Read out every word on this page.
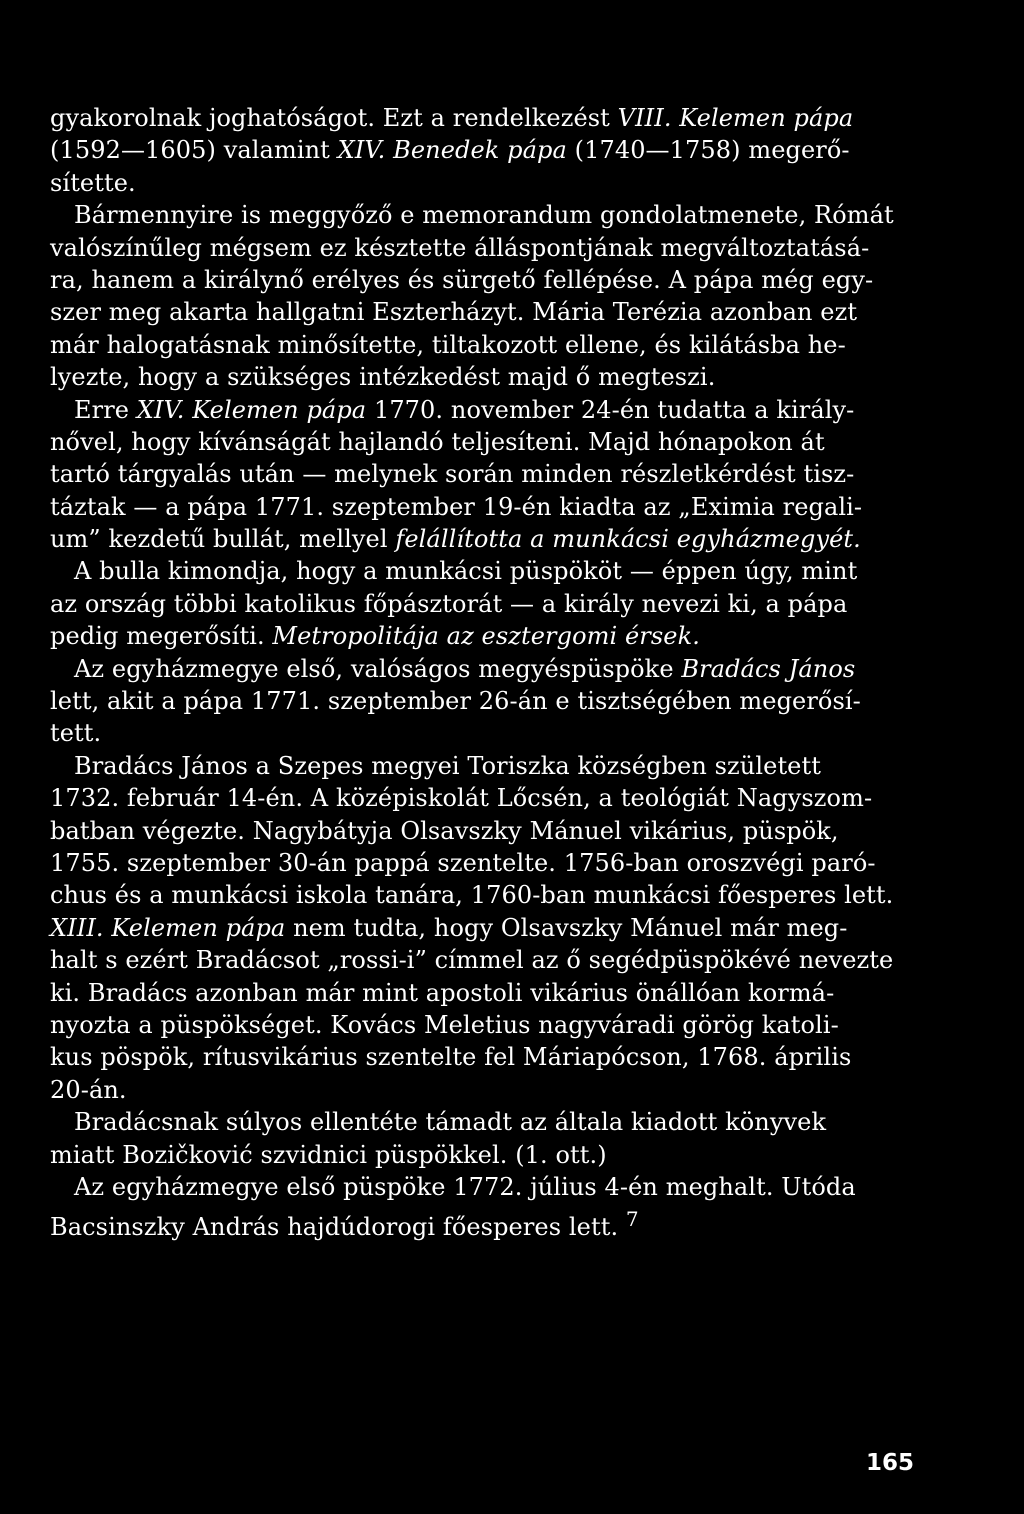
gyakorolnak joghatóságot. Ezt a rendelkezést VIII. Kelemen pápa
(1592—1605) valamint XIV. Benedek pápa (1740—1758) megerő-
sítette.
Bármennyire is meggyőző e memorandum gondolatmenete, Rómát
valószínűleg mégsem ez késztette álláspontjának megváltoztatásá-
ra, hanem a királynő erélyes és sürgető fellépése. A pápa még egy-
szer meg akarta hallgatni Eszterházyt. Mária Terézia azonban ezt
már halogatásnak minősítette, tiltakozott ellene, és kilátásba he-
lyezte, hogy a szükséges intézkedést majd ő megteszi.
Erre XIV. Kelemen pápa 1770. november 24-én tudatta a király-
nővel, hogy kívánságát hajlandó teljesíteni. Majd hónapokon át
tartó tárgyalás után — melynek során minden részletkérdést tisz-
táztak — a pápa 1771. szeptember 19-én kiadta az „Eximia regali-
um” kezdetű bullát, mellyel felállította a munkácsi egyházmegyét.
A bulla kimondja, hogy a munkácsi püspököt — éppen úgy, mint
az ország többi katolikus főpásztorát — a király nevezi ki, a pápa
pedig megerősíti. Metropolitája az esztergomi érsek.
Az egyházmegye első, valóságos megyéspüspöke Bradács János
lett, akit a pápa 1771. szeptember 26-án e tisztségében megerősí-
tett.
Bradács János a Szepes megyei Toriszka községben született
1732. február 14-én. A középiskolát Lőcsén, a teológiát Nagyszom-
batban végezte. Nagybátyja Olsavszky Mánuel vikárius, püspök,
1755. szeptember 30-án pappá szentelte. 1756-ban oroszvégi paró-
chus és a munkácsi iskola tanára, 1760-ban munkácsi főesperes lett.
XIII. Kelemen pápa nem tudta, hogy Olsavszky Mánuel már meg-
halt s ezért Bradácsot „rossi-i” címmel az ő segédpüspökévé nevezte
ki. Bradács azonban már mint apostoli vikárius önállóan kormá-
nyozta a püspökséget. Kovács Meletius nagyváradi görög katoli-
kus pöspök, rítusvikárius szentelte fel Máriapócson, 1768. április
20-án.
Bradácsnak súlyos ellentéte támadt az általa kiadott könyvek
miatt Bozičković szvidnici püspökkel. (1. ott.)
Az egyházmegye első püspöke 1772. július 4-én meghalt. Utóda
Bacsinszky András hajdúdorogi főesperes lett. $^7$
165
